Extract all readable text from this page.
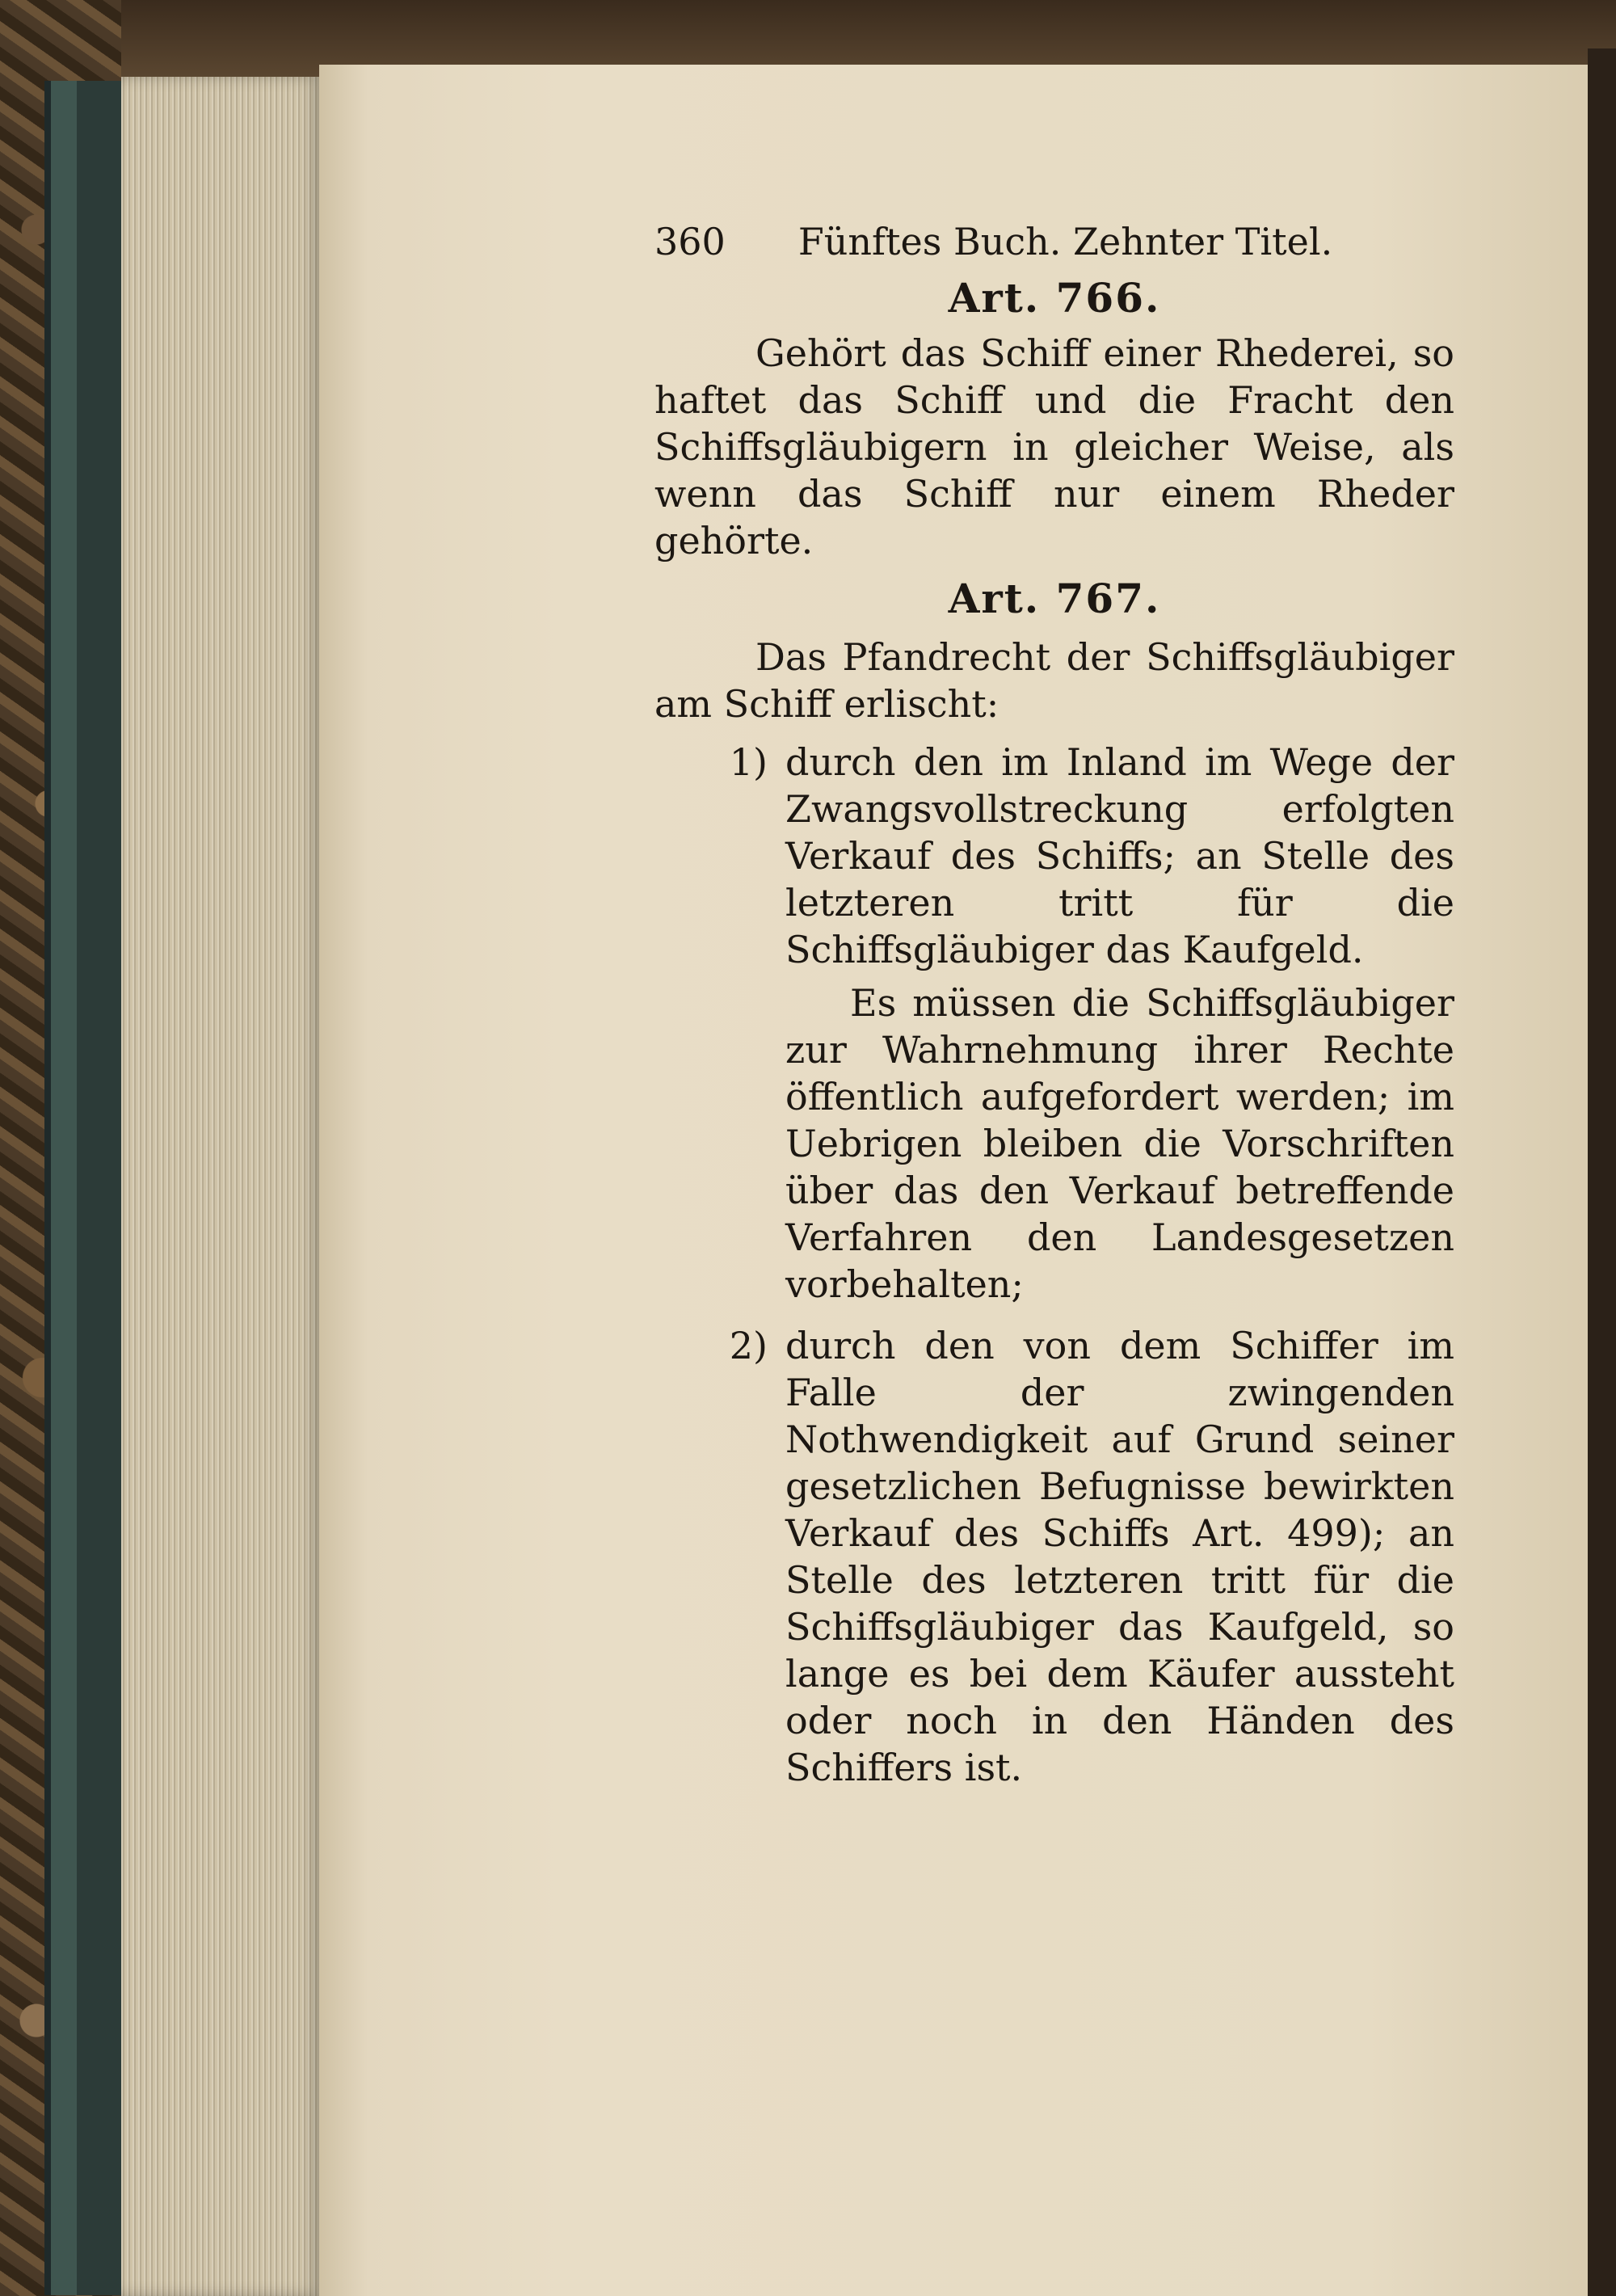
360 Fünftes Buch. Zehnter Titel.
Art. 766.

Gehört das Schiff einer Rhederei, so haftet das Schiff und die Fracht den Schiffsgläubigern in gleicher Weise, als wenn das Schiff nur einem Rheder gehörte.

Art. 767.

Das Pfandrecht der Schiffsgläubiger am Schiff erlischt:

1) durch den im Inland im Wege der Zwangsvollstreckung erfolgten Verkauf des Schiffs; an Stelle des letzteren tritt für die Schiffsgläubiger das Kaufgeld.

Es müssen die Schiffsgläubiger zur Wahrnehmung ihrer Rechte öffentlich aufgefordert werden; im Uebrigen bleiben die Vorschriften über das den Verkauf betreffende Verfahren den Landesgesetzen vorbehalten;

2) durch den von dem Schiffer im Falle der zwingenden Nothwendigkeit auf Grund seiner gesetzlichen Befugnisse bewirkten Verkauf des Schiffs Art. 499); an Stelle des letzteren tritt für die Schiffsgläubiger das Kaufgeld, so lange es bei dem Käufer aussteht oder noch in den Händen des Schiffers ist.
